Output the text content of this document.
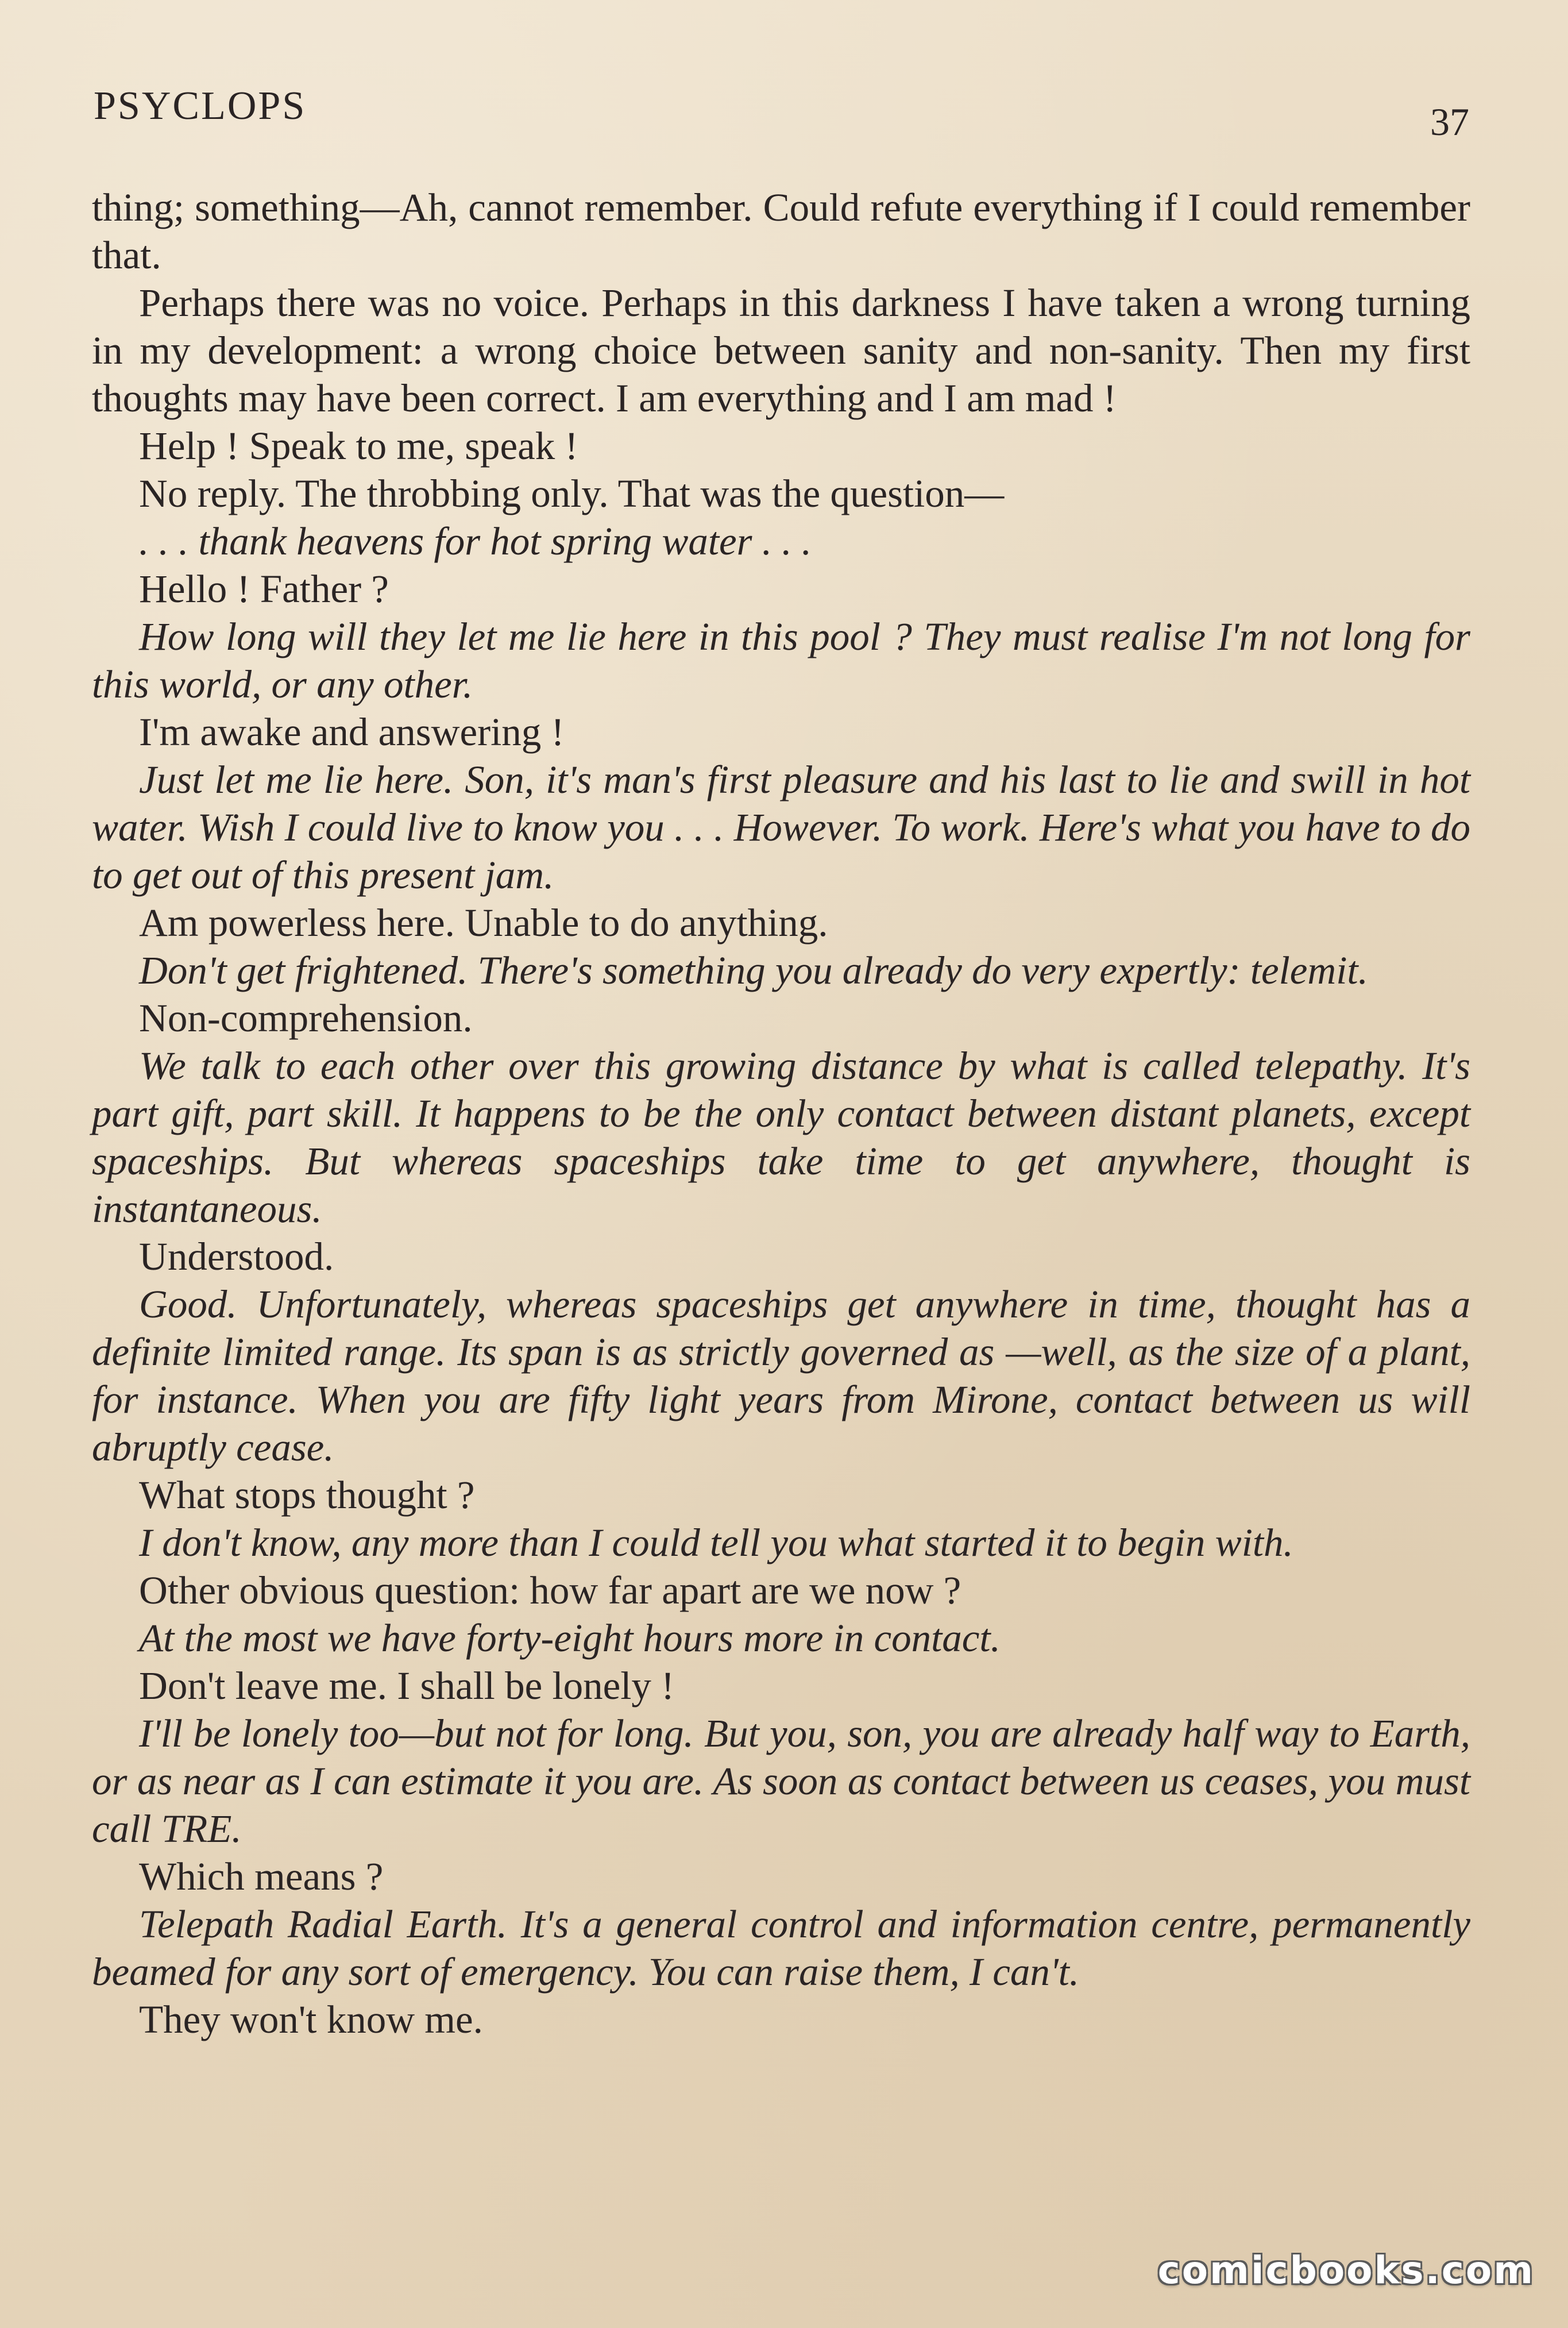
PSYCLOPS	37

thing; something—Ah, cannot remember. Could refute everything if I could remember that.

Perhaps there was no voice. Perhaps in this darkness I have taken a wrong turning in my development: a wrong choice between sanity and non-sanity. Then my first thoughts may have been correct. I am everything and I am mad !

Help ! Speak to me, speak !

No reply. The throbbing only. That was the question—

. . . thank heavens for hot spring water . . .

Hello ! Father ?

How long will they let me lie here in this pool ? They must realise I'm not long for this world, or any other.

I'm awake and answering !

Just let me lie here. Son, it's man's first pleasure and his last to lie and swill in hot water. Wish I could live to know you . . . However. To work. Here's what you have to do to get out of this present jam.

Am powerless here. Unable to do anything.

Don't get frightened. There's something you already do very expertly: telemit.

Non-comprehension.

We talk to each other over this growing distance by what is called telepathy. It's part gift, part skill. It happens to be the only contact between distant planets, except spaceships. But whereas spaceships take time to get anywhere, thought is instantaneous.

Understood.

Good. Unfortunately, whereas spaceships get anywhere in time, thought has a definite limited range. Its span is as strictly governed as —well, as the size of a plant, for instance. When you are fifty light years from Mirone, contact between us will abruptly cease.

What stops thought ?

I don't know, any more than I could tell you what started it to begin with.

Other obvious question: how far apart are we now ?

At the most we have forty-eight hours more in contact.

Don't leave me. I shall be lonely !

I'll be lonely too—but not for long. But you, son, you are already half way to Earth, or as near as I can estimate it you are. As soon as contact between us ceases, you must call TRE.

Which means ?

Telepath Radial Earth. It's a general control and information centre, permanently beamed for any sort of emergency. You can raise them, I can't.

They won't know me.

comicbooks.com
